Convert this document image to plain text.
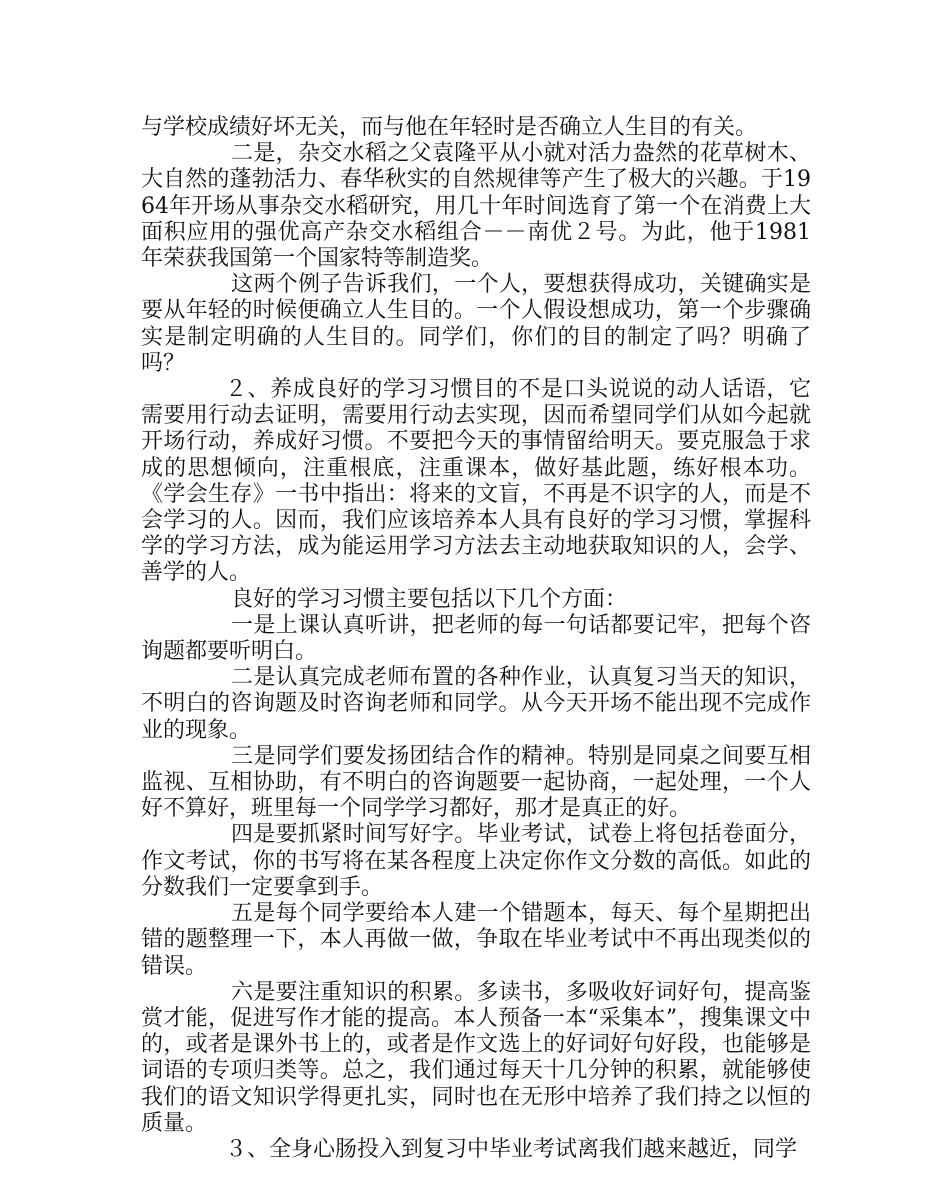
与学校成绩好坏无关，而与他在年轻时是否确立人生目的有关。

二是，杂交水稻之父袁隆平从小就对活力盎然的花草树木、大自然的蓬勃活力、春华秋实的自然规律等产生了极大的兴趣。于1964年开场从事杂交水稻研究，用几十年时间选育了第一个在消费上大面积应用的强优高产杂交水稻组合－－南优２号。为此，他于1981年荣获我国第一个国家特等制造奖。

这两个例子告诉我们，一个人，要想获得成功，关键确实是要从年轻的时候便确立人生目的。一个人假设想成功，第一个步骤确实是制定明确的人生目的。同学们，你们的目的制定了吗？明确了吗？

２、养成良好的学习习惯目的不是口头说说的动人话语，它需要用行动去证明，需要用行动去实现，因而希望同学们从如今起就开场行动，养成好习惯。不要把今天的事情留给明天。要克服急于求成的思想倾向，注重根底，注重课本，做好基此题，练好根本功。《学会生存》一书中指出：将来的文盲，不再是不识字的人，而是不会学习的人。因而，我们应该培养本人具有良好的学习习惯，掌握科学的学习方法，成为能运用学习方法去主动地获取知识的人，会学、善学的人。

良好的学习习惯主要包括以下几个方面：

一是上课认真听讲，把老师的每一句话都要记牢，把每个咨询题都要听明白。

二是认真完成老师布置的各种作业，认真复习当天的知识，不明白的咨询题及时咨询老师和同学。从今天开场不能出现不完成作业的现象。

三是同学们要发扬团结合作的精神。特别是同桌之间要互相监视、互相协助，有不明白的咨询题要一起协商，一起处理，一个人好不算好，班里每一个同学学习都好，那才是真正的好。

四是要抓紧时间写好字。毕业考试，试卷上将包括卷面分，作文考试，你的书写将在某各程度上决定你作文分数的高低。如此的分数我们一定要拿到手。

五是每个同学要给本人建一个错题本，每天、每个星期把出错的题整理一下，本人再做一做，争取在毕业考试中不再出现类似的错误。

六是要注重知识的积累。多读书，多吸收好词好句，提高鉴赏才能，促进写作才能的提高。本人预备一本“采集本”，搜集课文中的，或者是课外书上的，或者是作文选上的好词好句好段，也能够是词语的专项归类等。总之，我们通过每天十几分钟的积累，就能够使我们的语文知识学得更扎实，同时也在无形中培养了我们持之以恒的质量。

３、全身心肠投入到复习中毕业考试离我们越来越近，同学
